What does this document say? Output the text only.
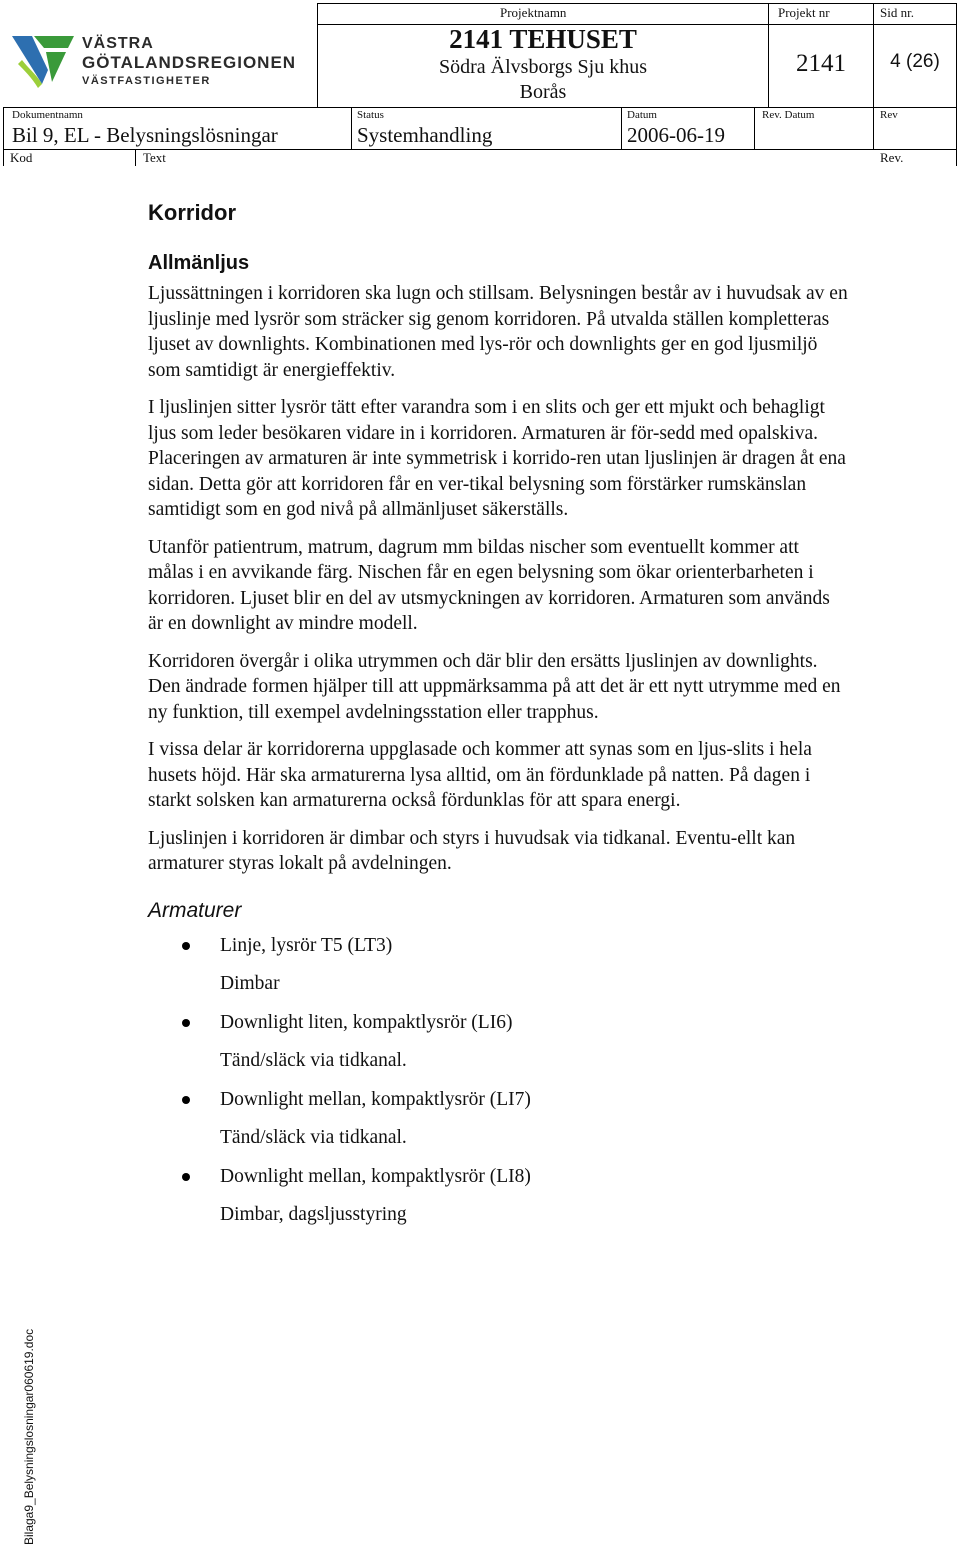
VÄSTRA
GÖTALANDSREGIONEN
VÄSTFASTIGHETER
Projektnamn	Projekt nr	Sid nr.
2141 TEHUSET
Södra Älvsborgs Sju khus
Borås
2141	4 (26)
Dokumentnamn	Status	Datum	Rev. Datum	Rev
Bil 9, EL - Belysningslösningar	Systemhandling	2006-06-19
Kod	Text	Rev.
Korridor
Allmänljus

Ljussättningen i korridoren ska lugn och stillsam. Belysningen består av i huvudsak av en ljuslinje med lysrör som sträcker sig genom korridoren. På utvalda ställen kompletteras ljuset av downlights. Kombinationen med lys-rör och downlights ger en god ljusmiljö som samtidigt är energieffektiv.

I ljuslinjen sitter lysrör tätt efter varandra som i en slits och ger ett mjukt och behagligt ljus som leder besökaren vidare in i korridoren. Armaturen är för-sedd med opalskiva. Placeringen av armaturen är inte symmetrisk i korrido-ren utan ljuslinjen är dragen åt ena sidan. Detta gör att korridoren får en ver-tikal belysning som förstärker rumskänslan samtidigt som en god nivå på allmänljuset säkerställs.

Utanför patientrum, matrum, dagrum mm bildas nischer som eventuellt kommer att målas i en avvikande färg. Nischen får en egen belysning som ökar orienterbarheten i korridoren. Ljuset blir en del av utsmyckningen av korridoren. Armaturen som används är en downlight av mindre modell.

Korridoren övergår i olika utrymmen och där blir den ersätts ljuslinjen av downlights. Den ändrade formen hjälper till att uppmärksamma på att det är ett nytt utrymme med en ny funktion, till exempel avdelningsstation eller trapphus.

I vissa delar är korridorerna uppglasade och kommer att synas som en ljus-slits i hela husets höjd. Här ska armaturerna lysa alltid, om än fördunklade på natten. På dagen i starkt solsken kan armaturerna också fördunklas för att spara energi.

Ljuslinjen i korridoren är dimbar och styrs i huvudsak via tidkanal. Eventu-ellt kan armaturer styras lokalt på avdelningen.

Armaturer
Linje, lysrör T5 (LT3)
Dimbar
Downlight liten, kompaktlysrör (LI6)
Tänd/släck via tidkanal.
Downlight mellan, kompaktlysrör (LI7)
Tänd/släck via tidkanal.
Downlight mellan, kompaktlysrör (LI8)
Dimbar, dagsljusstyring
Bilaga9_Belysningslosningar060619.doc
